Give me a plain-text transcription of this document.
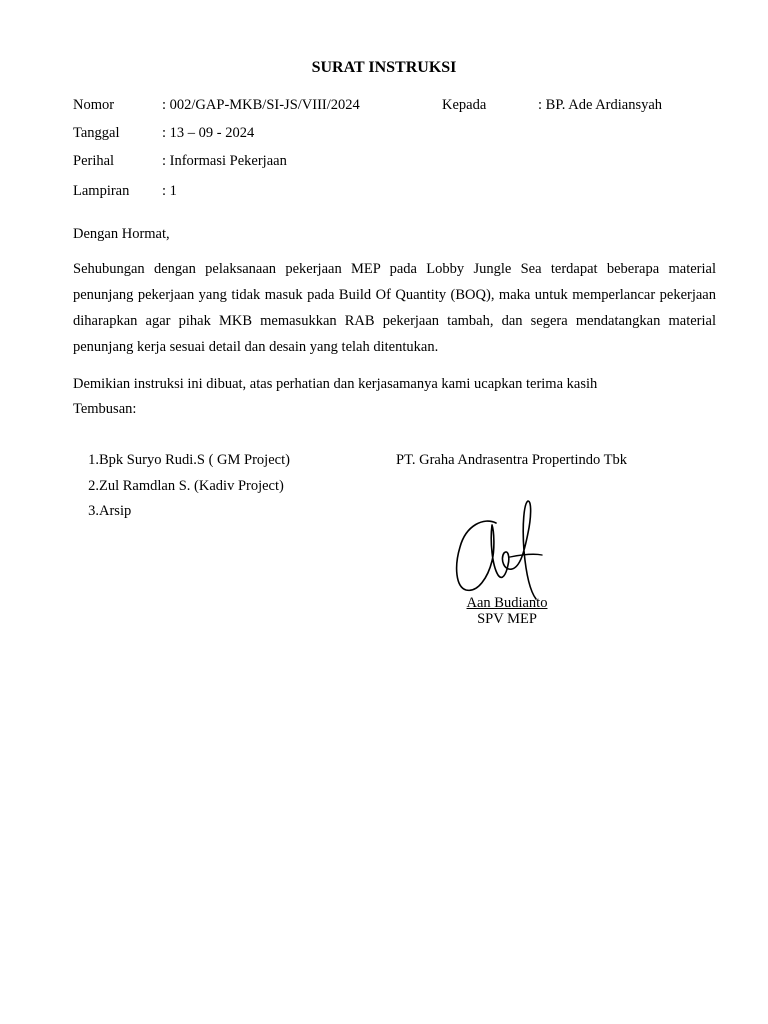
SURAT INSTRUKSI
Nomor	: 002/GAP-MKB/SI-JS/VIII/2024	Kepada	: BP. Ade Ardiansyah
Tanggal	: 13 – 09 - 2024
Perihal	: Informasi Pekerjaan
Lampiran : 1
Dengan Hormat,
Sehubungan dengan pelaksanaan pekerjaan MEP pada Lobby Jungle Sea terdapat beberapa material penunjang pekerjaan yang tidak masuk pada Build Of Quantity (BOQ), maka untuk memperlancar pekerjaan diharapkan agar pihak MKB memasukkan RAB pekerjaan tambah, dan segera mendatangkan material penunjang kerja sesuai detail dan desain yang telah ditentukan.
Demikian instruksi ini dibuat, atas perhatian dan kerjasamanya kami ucapkan terima kasih
Tembusan:
1. Bpk Suryo Rudi.S ( GM Project)
2. Zul Ramdlan S. (Kadiv Project)
3. Arsip
PT. Graha Andrasentra Propertindo Tbk
Aan Budianto
SPV MEP
